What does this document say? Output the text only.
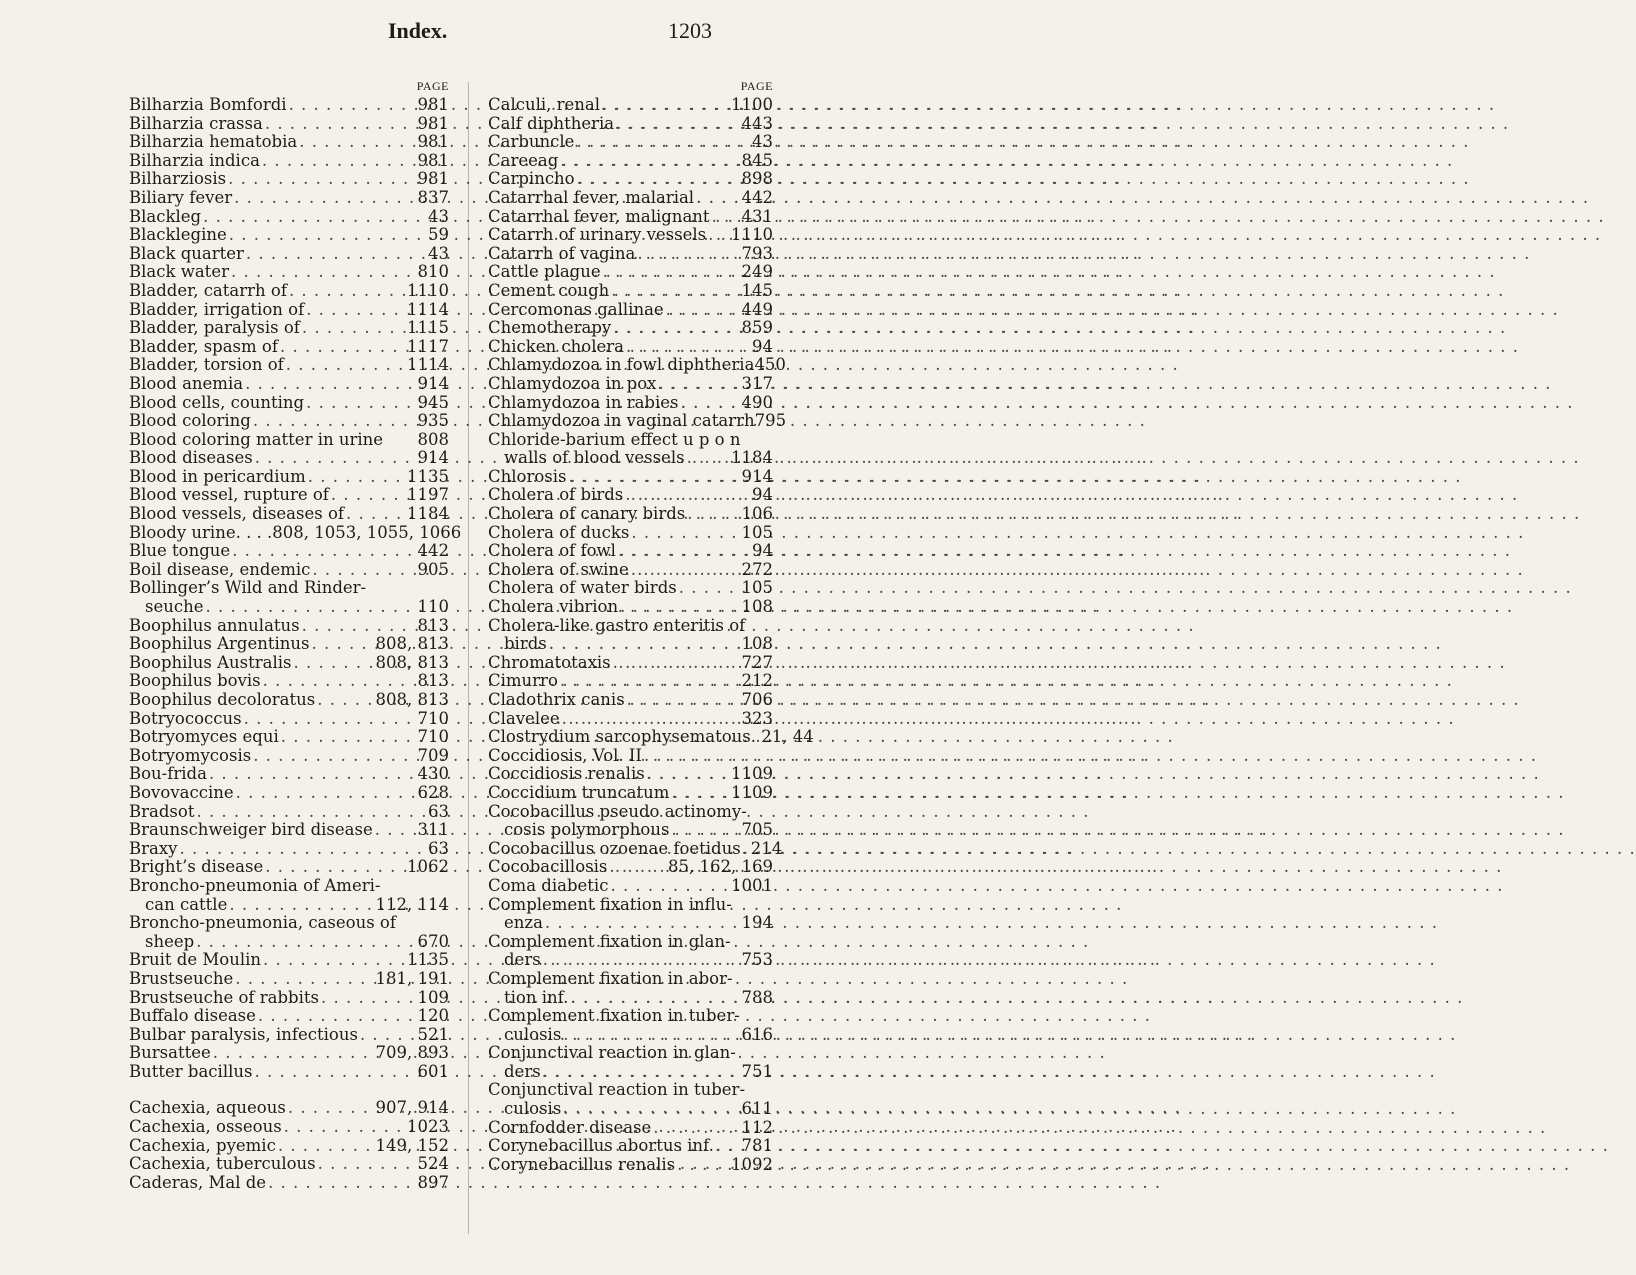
Index.	1203
PAGE
Bilharzia Bomfordi . . .	981
Bilharzia crassa . . .	981
Bilharzia hematobia . . .	981
Bilharzia indica . . .	981
Bilharziosis . . .	981
Biliary fever . . .	837
Blackleg . . .	43
Blacklegine . . .	59
Black quarter . . .	43
Black water . . .	810
Bladder, catarrh of . . .	1110
Bladder, irrigation of . . .	1114
Bladder, paralysis of . . .	1115
Bladder, spasm of . . .	1117
Bladder, torsion of . . .	1114
Blood anemia . . .	914
Blood cells, counting . . .	945
Blood coloring . . .	935
Blood coloring matter in urine 808
Blood diseases . . .	914
Blood in pericardium . . .	1135
Blood vessel, rupture of . . .	1197
Blood vessels, diseases of . . .	1184
Bloody urine. . . .808, 1053, 1055, 1066
Blue tongue . . .	442
Boil disease, endemic . . .	905
Bollinger’s Wild and Rinder-
seuche . . .	110
Boophilus annulatus . . .	813
Boophilus Argentinus . . .	808, 813
Boophilus Australis . . .	808, 813
Boophilus bovis . . .	813
Boophilus decoloratus . . .	808, 813
Botryococcus . . .	710
Botryomyces equi . . .	710
Botryomycosis . . .	709
Bou-frida . . .	430
Bovovaccine . . .	628
Bradsot . . .	63
Braunschweiger bird disease . . .	311
Braxy . . .	63
Bright’s disease . . .	1062
Broncho-pneumonia of Ameri-
can cattle . . .	112, 114
Broncho-pneumonia, caseous of
sheep . . .	670
Bruit de Moulin . . .	1135
Brustseuche . . .	181, 191
Brustseuche of rabbits . . .	109
Buffalo disease . . .	120
Bulbar paralysis, infectious . . .	521
Bursattee . . .	709, 893
Butter bacillus . . .	601
Cachexia, aqueous . . .	907, 914
Cachexia, osseous . . .	1023
Cachexia, pyemic . . .	149, 152
Cachexia, tuberculous . . .	524
Caderas, Mal de . . .	897
PAGE
Calculi, renal . . .	1100
Calf diphtheria . . .	443
Carbuncle . . .	43
Careeag . . .	845
Carpincho . . .	898
Catarrhal fever, malarial . . .	442
Catarrhal fever, malignant . . . 431
Catarrh of urinary vessels . . . 1110
Catarrh of vagina . . .	793
Cattle plague . . .	249
Cement cough . . .	145
Cercomonas gallinae . . .	449
Chemotherapy . . .	859
Chicken cholera . . .	94
Chlamydozoa in fowl diphtheria 450
Chlamydozoa in pox . . .	317
Chlamydozoa in rabies . . .	490
Chlamydozoa in vaginal catarrh 795
Chloride-barium effect u p o n
walls of blood vessels . . .	1184
Chlorosis . . .	914
Cholera of birds . . .	94
Cholera of canary birds . . .	106
Cholera of ducks . . .	105
Cholera of fowl . . .	94
Cholera of swine . . .	272
Cholera of water birds . . .	105
Cholera vibrion . . .	108
Cholera-like gastro enteritis of
birds . . .	108
Chromatotaxis . . .	727
Cimurro . . .	212
Cladothrix canis . . .	706
Clavelee . . .	323
Clostrydium sarcophysematous. 21, 44
Coccidiosis, Vol. II
. . .
Coccidiosis renalis . . .	1109
Coccidium truncatum . . .	1109
Cocobacillus pseudo actinomy-
cosis polymorphous . . .	705
Cocobacillus ozoenae foetidus . . . 214
Cocobacillosis . . .	85, 162, 169
Coma diabetic . . .	1001
Complement fixation in influ-
enza . . .	194
Complement fixation in glan-
ders . . .	753
Complement fixation in abor-
tion inf. . . .	788
Complement fixation in tuber-
culosis . . .	616
Conjunctival reaction in glan-
ders . . .	751
Conjunctival reaction in tuber-
culosis . . .	611
Cornfodder disease . . .	112
Corynebacillus abortus inf. . . . 781
Corynebacillus renalis . . .	1092
